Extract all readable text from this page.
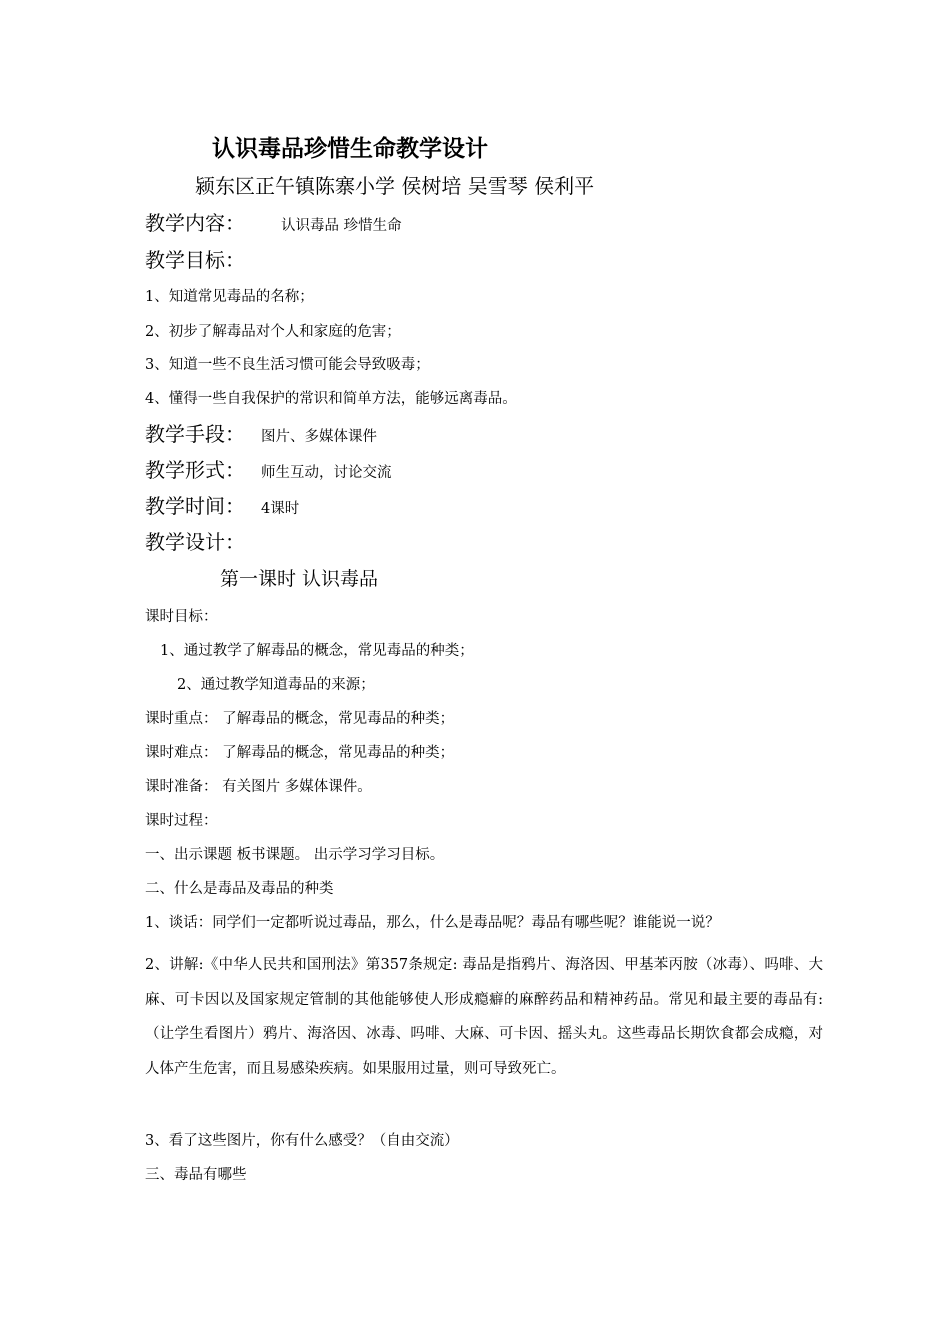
认识毒品珍惜生命教学设计
颍东区正午镇陈寨小学 侯树培 吴雪琴 侯利平
教学内容： 认识毒品 珍惜生命
教学目标：
1、知道常见毒品的名称；
2、初步了解毒品对个人和家庭的危害；
3、知道一些不良生活习惯可能会导致吸毒；
4、懂得一些自我保护的常识和简单方法，能够远离毒品。
教学手段： 图片、多媒体课件
教学形式： 师生互动，讨论交流
教学时间： 4课时
教学设计：
第一课时 认识毒品
课时目标：
1、通过教学了解毒品的概念，常见毒品的种类；
2、通过教学知道毒品的来源；
课时重点： 了解毒品的概念，常见毒品的种类；
课时难点： 了解毒品的概念，常见毒品的种类；
课时准备： 有关图片 多媒体课件。
课时过程：
一、出示课题 板书课题。 出示学习学习目标。
二、什么是毒品及毒品的种类
1、谈话：同学们一定都听说过毒品，那么，什么是毒品呢？毒品有哪些呢？谁能说一说？
2、讲解:《中华人民共和国刑法》第357条规定: 毒品是指鸦片、海洛因、甲基苯丙胺（冰毒）、吗啡、大麻、可卡因以及国家规定管制的其他能够使人形成瘾癖的麻醉药品和精神药品。常见和最主要的毒品有:（让学生看图片）鸦片、海洛因、冰毒、吗啡、大麻、可卡因、摇头丸。这些毒品长期饮食都会成瘾，对人体产生危害，而且易感染疾病。如果服用过量，则可导致死亡。
3、看了这些图片，你有什么感受？（自由交流）
三、毒品有哪些
